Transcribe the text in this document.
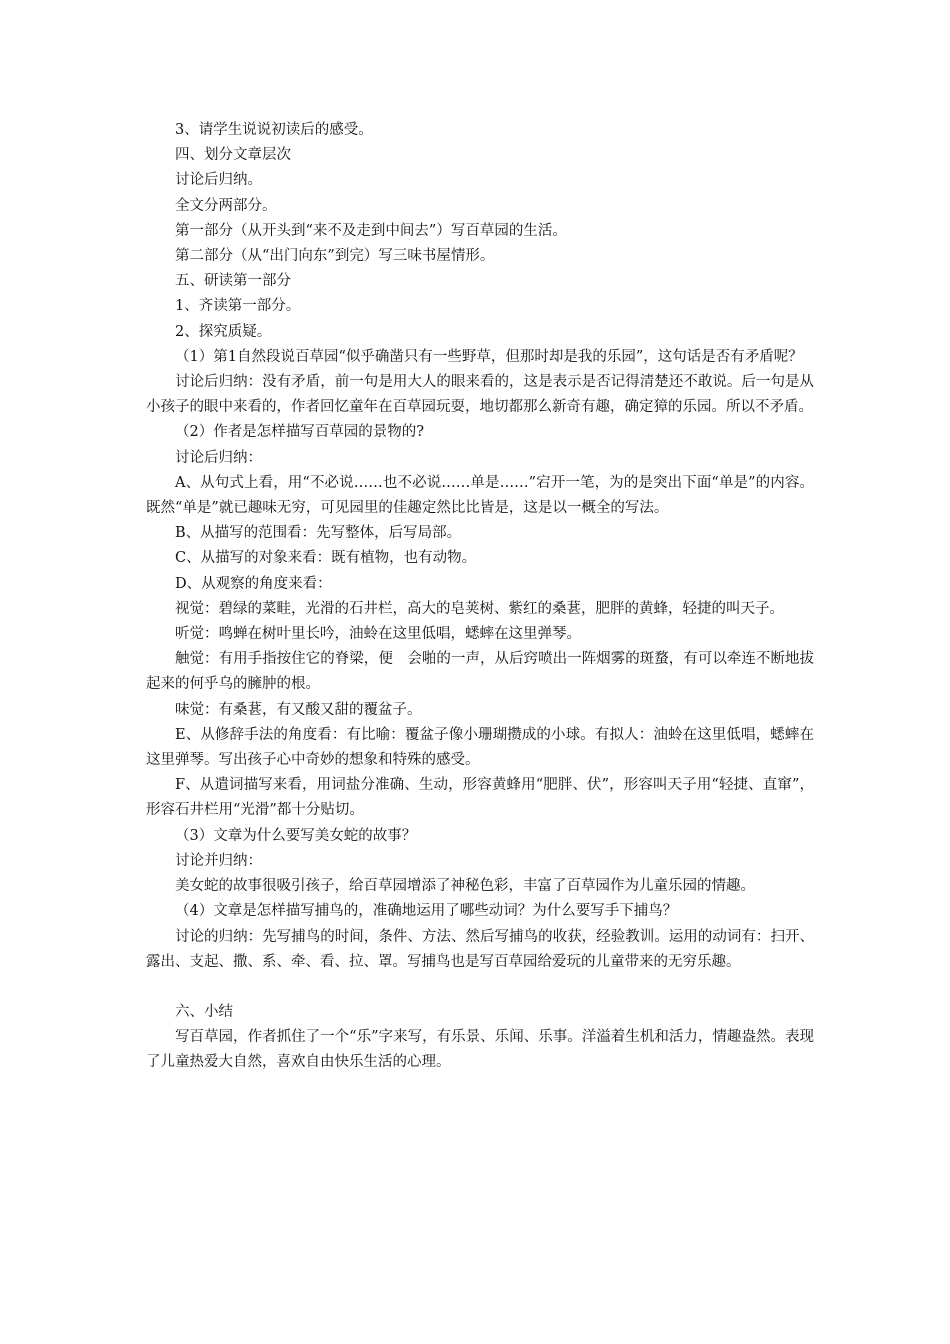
3、请学生说说初读后的感受。

四、划分文章层次

讨论后归纳。

全文分两部分。

第一部分（从开头到“来不及走到中间去”）写百草园的生活。

第二部分（从“出门向东”到完）写三味书屋情形。

五、研读第一部分

1、齐读第一部分。

2、探究质疑。

（1）第1自然段说百草园“似乎确凿只有一些野草，但那时却是我的乐园”，这句话是否有矛盾呢？

讨论后归纳：没有矛盾，前一句是用大人的眼来看的，这是表示是否记得清楚还不敢说。后一句是从小孩子的眼中来看的，作者回忆童年在百草园玩耍，地切都那么新奇有趣，确定獐的乐园。所以不矛盾。

（2）作者是怎样描写百草园的景物的?

讨论后归纳：

A、从句式上看，用“不必说……也不必说……单是……”宕开一笔，为的是突出下面“单是”的内容。既然“单是”就已趣味无穷，可见园里的佳趣定然比比皆是，这是以一概全的写法。

B、从描写的范围看：先写整体，后写局部。

C、从描写的对象来看：既有植物，也有动物。

D、从观察的角度来看：

视觉：碧绿的菜畦，光滑的石井栏，高大的皂荚树、紫红的桑葚，肥胖的黄蜂，轻捷的叫天子。

听觉：鸣蝉在树叶里长吟，油蛉在这里低唱，蟋蟀在这里弹琴。

触觉：有用手指按住它的脊梁，便　会啪的一声，从后窍喷出一阵烟雾的斑蝥，有可以牵连不断地拔起来的何乎乌的臃肿的根。

味觉：有桑葚，有又酸又甜的覆盆子。

E、从修辞手法的角度看：有比喻：覆盆子像小珊瑚攒成的小球。有拟人：油蛉在这里低唱，蟋蟀在这里弹琴。写出孩子心中奇妙的想象和特殊的感受。

F、从遣词描写来看，用词盐分准确、生动，形容黄蜂用“肥胖、伏”，形容叫天子用“轻捷、直窜”，形容石井栏用“光滑”都十分贴切。

（3）文章为什么要写美女蛇的故事？

讨论并归纳：

美女蛇的故事很吸引孩子，给百草园增添了神秘色彩，丰富了百草园作为儿童乐园的情趣。

（4）文章是怎样描写捕鸟的，准确地运用了哪些动词？为什么要写手下捕鸟？

讨论的归纳：先写捕鸟的时间，条件、方法、然后写捕鸟的收获，经验教训。运用的动词有：扫开、露出、支起、撒、系、牵、看、拉、罩。写捕鸟也是写百草园给爱玩的儿童带来的无穷乐趣。

六、小结

写百草园，作者抓住了一个“乐”字来写，有乐景、乐闻、乐事。洋溢着生机和活力，情趣盎然。表现了儿童热爱大自然，喜欢自由快乐生活的心理。
